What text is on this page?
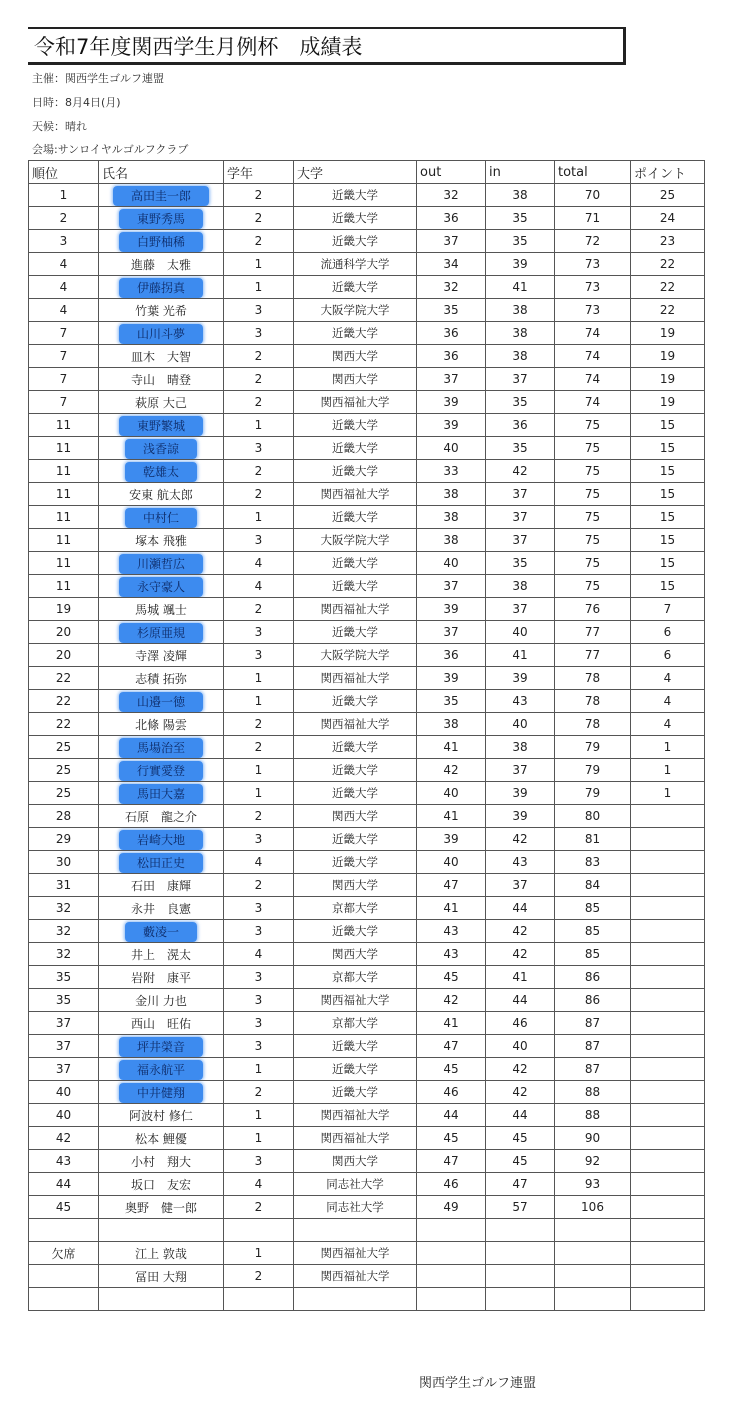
令和7年度関西学生月例杯　成績表
主催：関西学生ゴルフ連盟
日時：8月4日(月)
天候：晴れ
会場:サンロイヤルゴルフクラブ
順位	氏名	学年	大学	out	in	total	ポイント
1	高田圭一郎	2	近畿大学	32	38	70	25
2	東野秀馬	2	近畿大学	36	35	71	24
3	白野柚稀	2	近畿大学	37	35	72	23
4	進藤　太雅	1	流通科学大学	34	39	73	22
4	伊藤拐真	1	近畿大学	32	41	73	22
4	竹葉 光希	3	大阪学院大学	35	38	73	22
7	山川斗夢	3	近畿大学	36	38	74	19
7	皿木　大智	2	関西大学	36	38	74	19
7	寺山　晴登	2	関西大学	37	37	74	19
7	萩原 大己	2	関西福祉大学	39	35	74	19
11	東野繁城	1	近畿大学	39	36	75	15
11	浅香諒	3	近畿大学	40	35	75	15
11	乾雄太	2	近畿大学	33	42	75	15
11	安東 航太郎	2	関西福祉大学	38	37	75	15
11	中村仁	1	近畿大学	38	37	75	15
11	塚本 飛雅	3	大阪学院大学	38	37	75	15
11	川瀬哲広	4	近畿大学	40	35	75	15
11	永守豪人	4	近畿大学	37	38	75	15
19	馬城 颯士	2	関西福祉大学	39	37	76	7
20	杉原亜規	3	近畿大学	37	40	77	6
20	寺澤 凌輝	3	大阪学院大学	36	41	77	6
22	志積 拓弥	1	関西福祉大学	39	39	78	4
22	山邉一徳	1	近畿大学	35	43	78	4
22	北條 陽雲	2	関西福祉大学	38	40	78	4
25	馬場治至	2	近畿大学	41	38	79	1
25	行實愛登	1	近畿大学	42	37	79	1
25	馬田大嘉	1	近畿大学	40	39	79	1
28	石原　龍之介	2	関西大学	41	39	80	
29	岩崎大地	3	近畿大学	39	42	81	
30	松田正史	4	近畿大学	40	43	83	
31	石田　康輝	2	関西大学	47	37	84	
32	永井　良憲	3	京都大学	41	44	85	
32	藪凌一	3	近畿大学	43	42	85	
32	井上　滉太	4	関西大学	43	42	85	
35	岩附　康平	3	京都大学	45	41	86	
35	金川 力也	3	関西福祉大学	42	44	86	
37	西山　旺佑	3	京都大学	41	46	87	
37	坪井榮音	3	近畿大学	47	40	87	
37	福永航平	1	近畿大学	45	42	87	
40	中井健翔	2	近畿大学	46	42	88	
40	阿波村 修仁	1	関西福祉大学	44	44	88	
42	松本 鯉優	1	関西福祉大学	45	45	90	
43	小村　翔大	3	関西大学	47	45	92	
44	坂口　友宏	4	同志社大学	46	47	93	
45	奥野　健一郎	2	同志社大学	49	57	106	

欠席	江上 敦哉	1	関西福祉大学				
	冨田 大翔	2	関西福祉大学				

関西学生ゴルフ連盟
